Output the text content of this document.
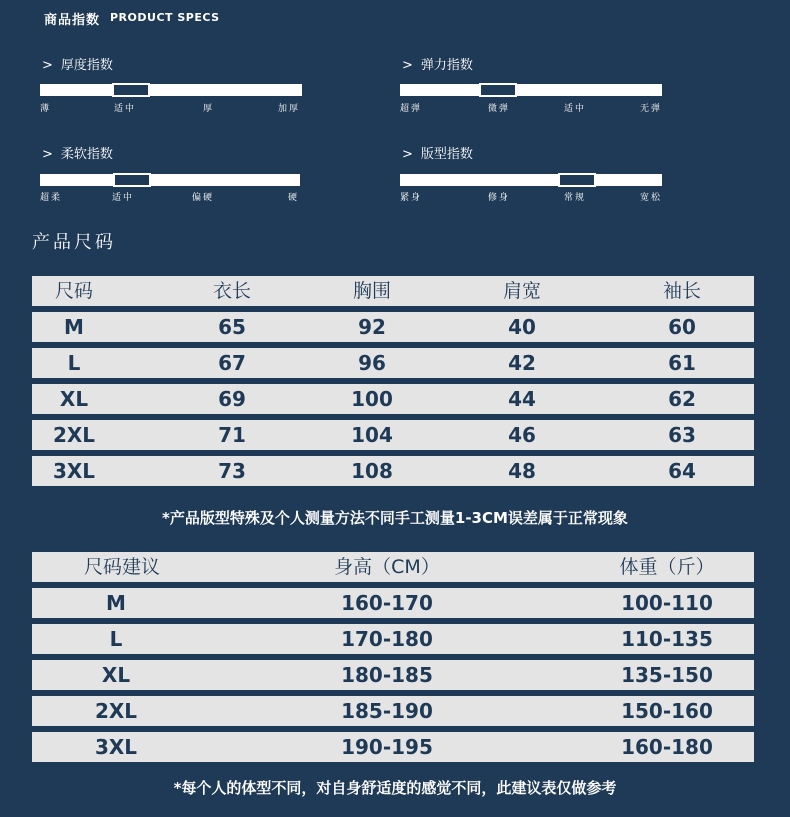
商品指数 PRODUCT SPECS
> 厚度指数
薄	适中	厚	加厚
> 弹力指数
超弹	微弹	适中	无弹
> 柔软指数
超柔	适中	偏硬	硬
> 版型指数
紧身	修身	常规	宽松
产品尺码
尺码	衣长	胸围	肩宽	袖长
M	65	92	40	60
L	67	96	42	61
XL	69	100	44	62
2XL	71	104	46	63
3XL	73	108	48	64
*产品版型特殊及个人测量方法不同手工测量1-3CM误差属于正常现象
尺码建议	身高（CM）	体重（斤）
M	160-170	100-110
L	170-180	110-135
XL	180-185	135-150
2XL	185-190	150-160
3XL	190-195	160-180
*每个人的体型不同，对自身舒适度的感觉不同，此建议表仅做参考
